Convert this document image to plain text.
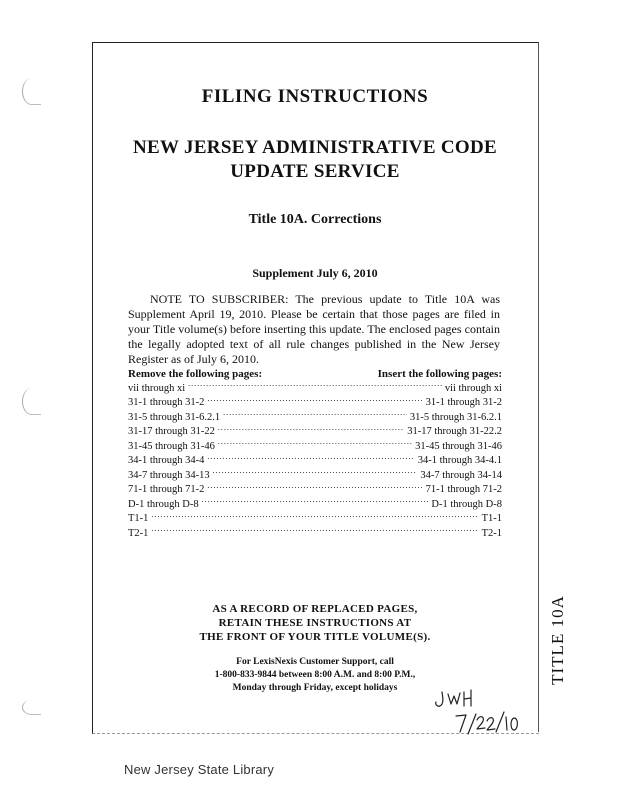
TITLE 10A
FILING INSTRUCTIONS
NEW JERSEY ADMINISTRATIVE CODE
UPDATE SERVICE
Title 10A. Corrections
Supplement July 6, 2010
NOTE TO SUBSCRIBER: The previous update to Title 10A was Supplement April 19, 2010. Please be certain that those pages are filed in your Title volume(s) before inserting this update. The enclosed pages contain the legally adopted text of all rule changes published in the New Jersey Register as of July 6, 2010.
Remove the following pages:	Insert the following pages:
vii through xi .....	vii through xi
31-1 through 31-2 .....	31-1 through 31-2
31-5 through 31-6.2.1 .....	31-5 through 31-6.2.1
31-17 through 31-22 .....	31-17 through 31-22.2
31-45 through 31-46 .....	31-45 through 31-46
34-1 through 34-4 .....	34-1 through 34-4.1
34-7 through 34-13 .....	34-7 through 34-14
71-1 through 71-2 .....	71-1 through 71-2
D-1 through D-8 .....	D-1 through D-8
T1-1 .....	T1-1
T2-1 .....	T2-1
AS A RECORD OF REPLACED PAGES,
RETAIN THESE INSTRUCTIONS AT
THE FRONT OF YOUR TITLE VOLUME(S).
For LexisNexis Customer Support, call
1-800-833-9844 between 8:00 A.M. and 8:00 P.M.,
Monday through Friday, except holidays
New Jersey State Library
